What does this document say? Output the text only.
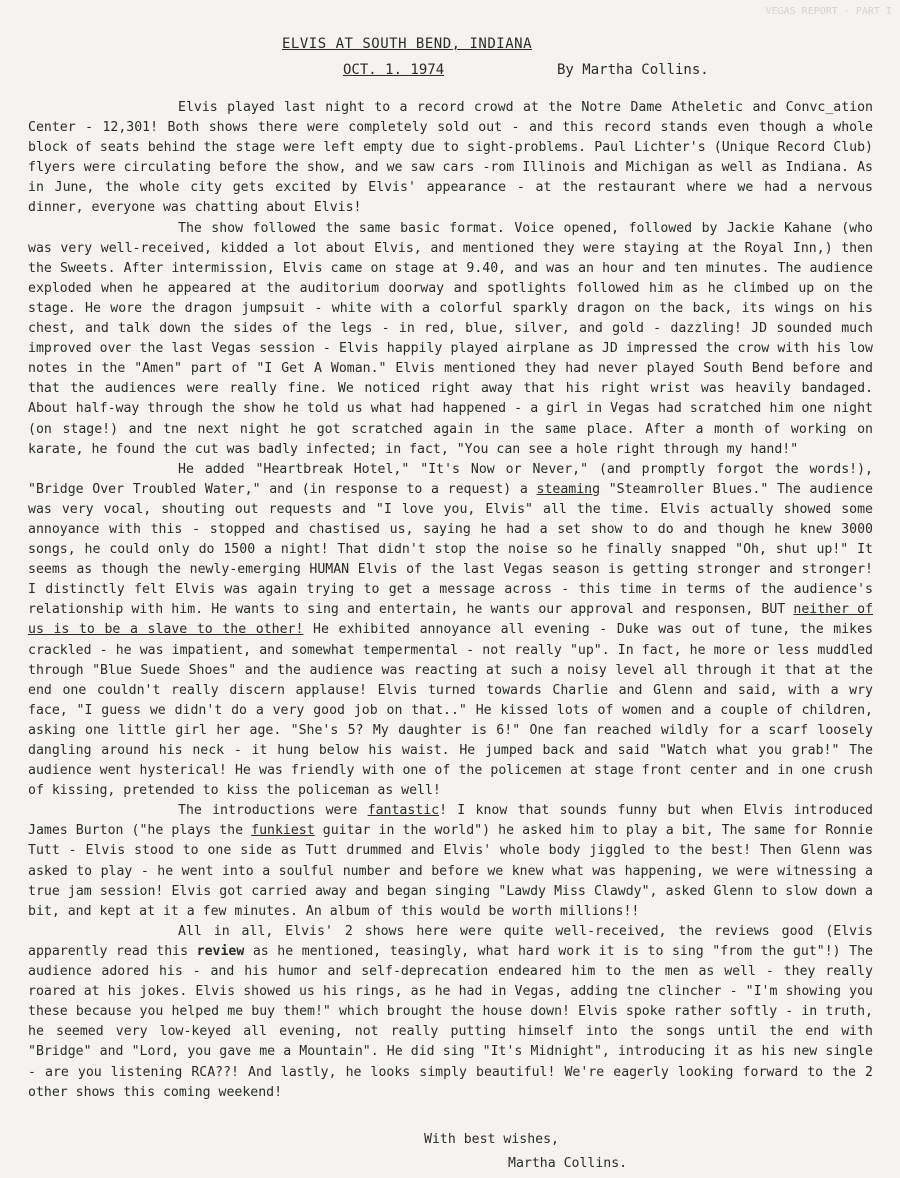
VEGAS REPORT - PART I
ELVIS AT SOUTH BEND, INDIANA
OCT. 1. 1974	By Martha Collins.

Elvis played last night to a record crowd at the Notre Dame Atheletic and Convc_ation Center - 12,301! Both shows there were completely sold out - and this record stands even though a whole block of seats behind the stage were left empty due to sight-problems. Paul Lichter's (Unique Record Club) flyers were circulating before the show, and we saw cars -rom Illinois and Michigan as well as Indiana. As in June, the whole city gets excited by Elvis' appearance - at the restaurant where we had a nervous dinner, everyone was chatting about Elvis!

The show followed the same basic format. Voice opened, followed by Jackie Kahane (who was very well-received, kidded a lot about Elvis, and mentioned they were staying at the Royal Inn,) then the Sweets. After intermission, Elvis came on stage at 9.40, and was an hour and ten minutes. The audience exploded when he appeared at the auditorium doorway and spotlights followed him as he climbed up on the stage. He wore the dragon jumpsuit - white with a colorful sparkly dragon on the back, its wings on his chest, and talk down the sides of the legs - in red, blue, silver, and gold - dazzling! JD sounded much improved over the last Vegas session - Elvis happily played airplane as JD impressed the crow with his low notes in the "Amen" part of "I Get A Woman." Elvis mentioned they had never played South Bend before and that the audiences were really fine. We noticed right away that his right wrist was heavily bandaged. About half-way through the show he told us what had happened - a girl in Vegas had scratched him one night (on stage!) and tne next night he got scratched again in the same place. After a month of working on karate, he found the cut was badly infected; in fact, "You can see a hole right through my hand!"

He added "Heartbreak Hotel," "It's Now or Never," (and promptly forgot the words!), "Bridge Over Troubled Water," and (in response to a request) a steaming "Steamroller Blues." The audience was very vocal, shouting out requests and "I love you, Elvis" all the time. Elvis actually showed some annoyance with this - stopped and chastised us, saying he had a set show to do and though he knew 3000 songs, he could only do 1500 a night! That didn't stop the noise so he finally snapped "Oh, shut up!" It seems as though the newly-emerging HUMAN Elvis of the last Vegas season is getting stronger and stronger! I distinctly felt Elvis was again trying to get a message across - this time in terms of the audience's relationship with him. He wants to sing and entertain, he wants our approval and responsen, BUT neither of us is to be a slave to the other! He exhibited annoyance all evening - Duke was out of tune, the mikes crackled - he was impatient, and somewhat tempermental - not really "up". In fact, he more or less muddled through "Blue Suede Shoes" and the audience was reacting at such a noisy level all through it that at the end one couldn't really discern applause! Elvis turned towards Charlie and Glenn and said, with a wry face, "I guess we didn't do a very good job on that.." He kissed lots of women and a couple of children, asking one little girl her age. "She's 5? My daughter is 6!" One fan reached wildly for a scarf loosely dangling around his neck - it hung below his waist. He jumped back and said "Watch what you grab!" The audience went hysterical! He was friendly with one of the policemen at stage front center and in one crush of kissing, pretended to kiss the policeman as well!

The introductions were fantastic! I know that sounds funny but when Elvis introduced James Burton ("he plays the funkiest guitar in the world") he asked him to play a bit, The same for Ronnie Tutt - Elvis stood to one side as Tutt drummed and Elvis' whole body jiggled to the best! Then Glenn was asked to play - he went into a soulful number and before we knew what was happening, we were witnessing a true jam session! Elvis got carried away and began singing "Lawdy Miss Clawdy", asked Glenn to slow down a bit, and kept at it a few minutes. An album of this would be worth millions!!

All in all, Elvis' 2 shows here were quite well-received, the reviews good (Elvis apparently read this review as he mentioned, teasingly, what hard work it is to sing "from the gut"!) The audience adored his - and his humor and self-deprecation endeared him to the men as well - they really roared at his jokes. Elvis showed us his rings, as he had in Vegas, adding tne clincher - "I'm showing you these because you helped me buy them!" which brought the house down! Elvis spoke rather softly - in truth, he seemed very low-keyed all evening, not really putting himself into the songs until the end with "Bridge" and "Lord, you gave me a Mountain". He did sing "It's Midnight", introducing it as his new single - are you listening RCA??! And lastly, he looks simply beautiful! We're eagerly looking forward to the 2 other shows this coming weekend!

With best wishes,
Martha Collins.
